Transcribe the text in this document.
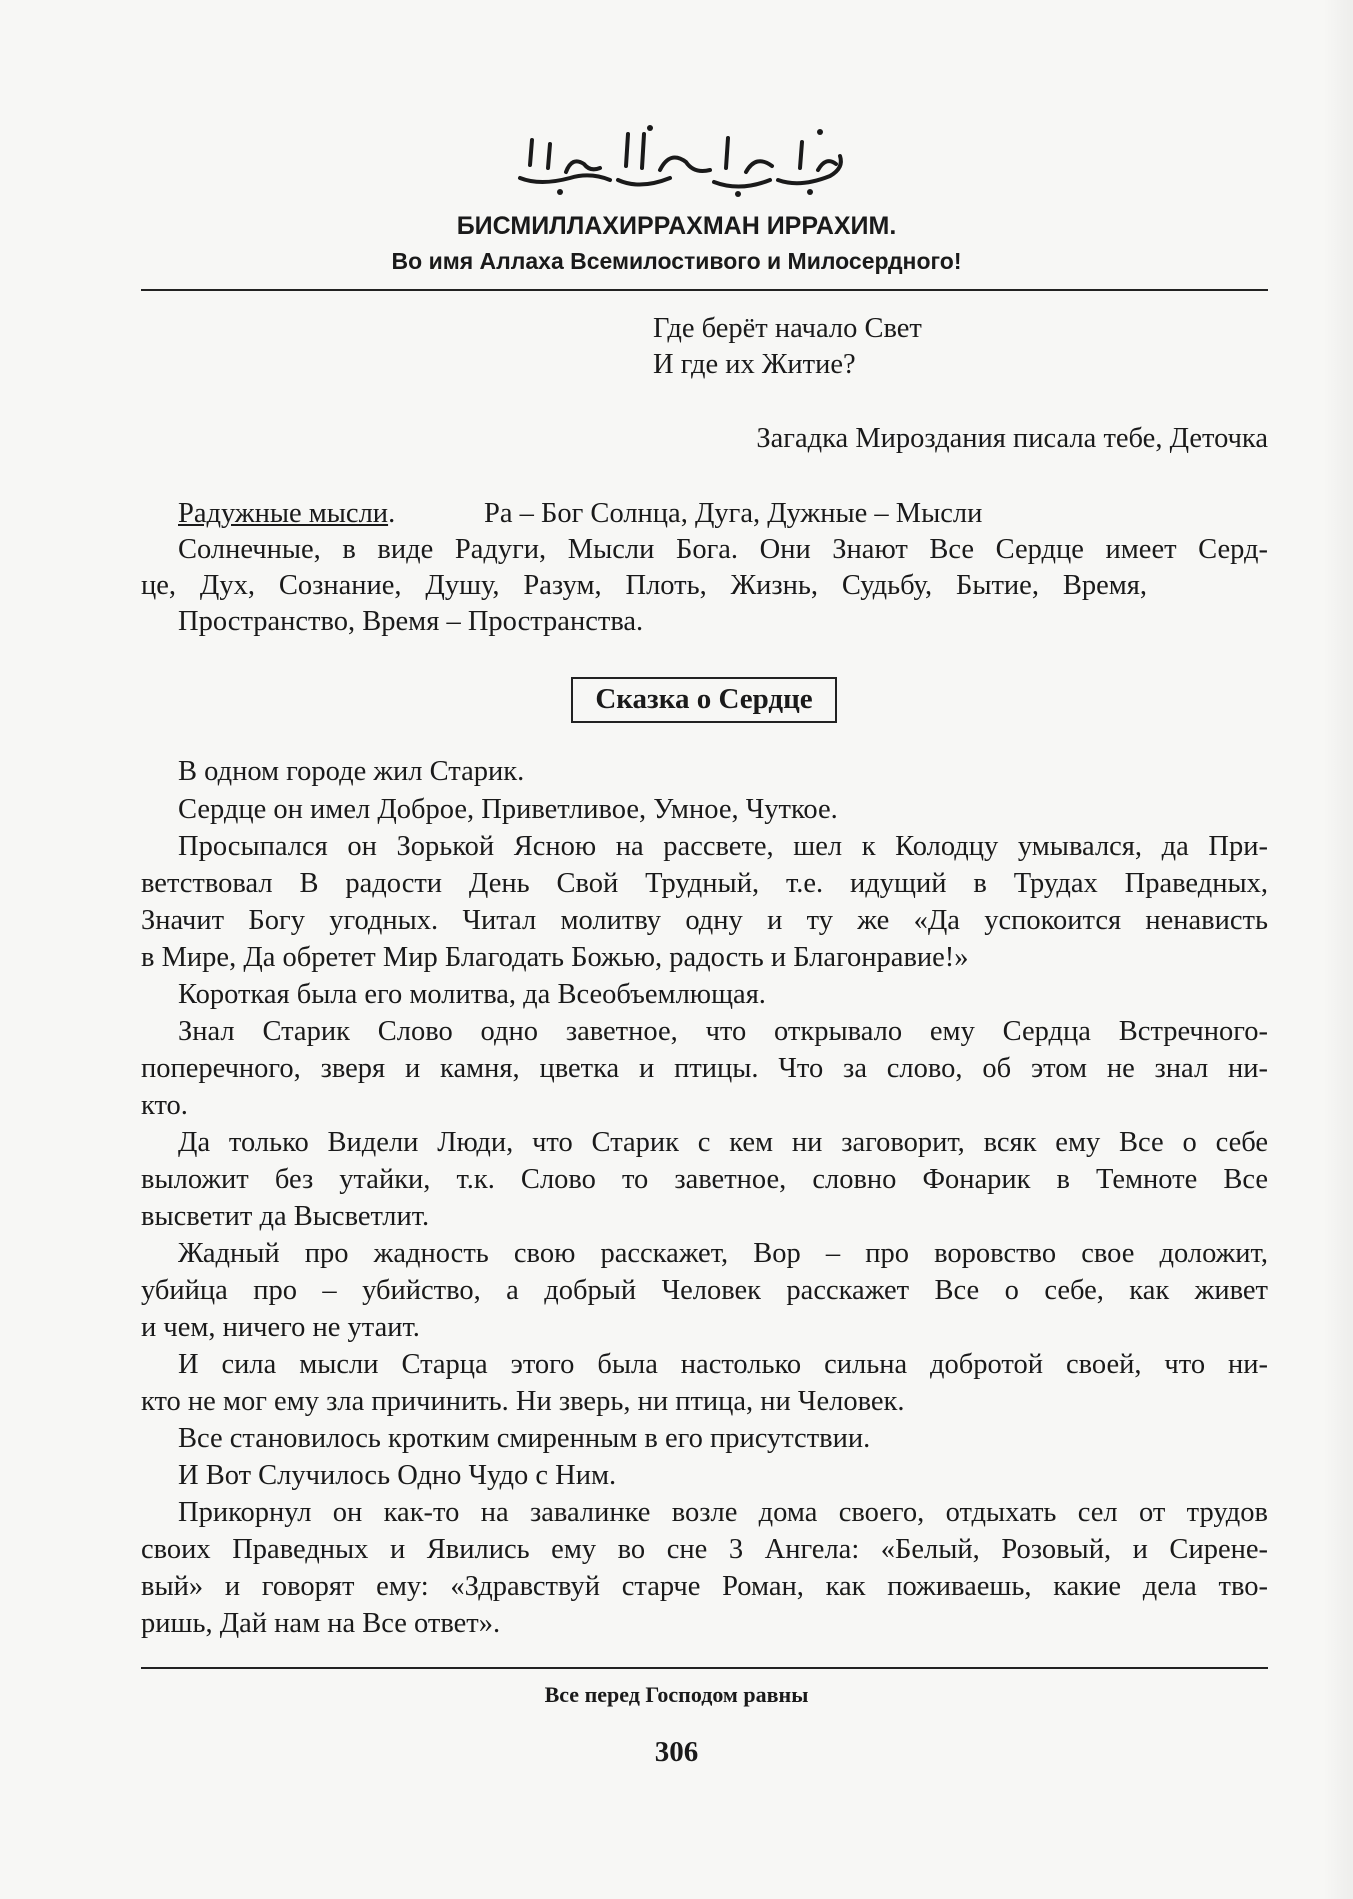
БИСМИЛЛАХИРРАХМАН ИРРАХИМ.
Во имя Аллаха Всемилостивого и Милосердного!
Где берёт начало Свет
И где их Житие?
Загадка Мироздания писала тебе, Деточка
Радужные мысли.	Ра – Бог Солнца, Дуга, Дужные – Мысли
Солнечные, в виде Радуги, Мысли Бога. Они Знают Все Сердце имеет Серд-
це, Дух, Сознание, Душу, Разум, Плоть, Жизнь, Судьбу, Бытие, Время,
Пространство, Время – Пространства.
Сказка о Сердце
В одном городе жил Старик.
Сердце он имел Доброе, Приветливое, Умное, Чуткое.
Просыпался он Зорькой Ясною на рассвете, шел к Колодцу умывался, да При-
ветствовал В радости День Свой Трудный, т.е. идущий в Трудах Праведных,
Значит Богу угодных. Читал молитву одну и ту же «Да успокоится ненависть
в Мире, Да обретет Мир Благодать Божью, радость и Благонравие!»
Короткая была его молитва, да Всеобъемлющая.
Знал Старик Слово одно заветное, что открывало ему Сердца Встречного-
поперечного, зверя и камня, цветка и птицы. Что за слово, об этом не знал ни-
кто.
Да только Видели Люди, что Старик с кем ни заговорит, всяк ему Все о себе
выложит без утайки, т.к. Слово то заветное, словно Фонарик в Темноте Все
высветит да Высветлит.
Жадный про жадность свою расскажет, Вор – про воровство свое доложит,
убийца про – убийство, а добрый Человек расскажет Все о себе, как живет
и чем, ничего не утаит.
И сила мысли Старца этого была настолько сильна добротой своей, что ни-
кто не мог ему зла причинить. Ни зверь, ни птица, ни Человек.
Все становилось кротким смиренным в его присутствии.
И Вот Случилось Одно Чудо с Ним.
Прикорнул он как-то на завалинке возле дома своего, отдыхать сел от трудов
своих Праведных и Явились ему во сне 3 Ангела: «Белый, Розовый, и Сирене-
вый» и говорят ему: «Здравствуй старче Роман, как поживаешь, какие дела тво-
ришь, Дай нам на Все ответ».
Все перед Господом равны
306
